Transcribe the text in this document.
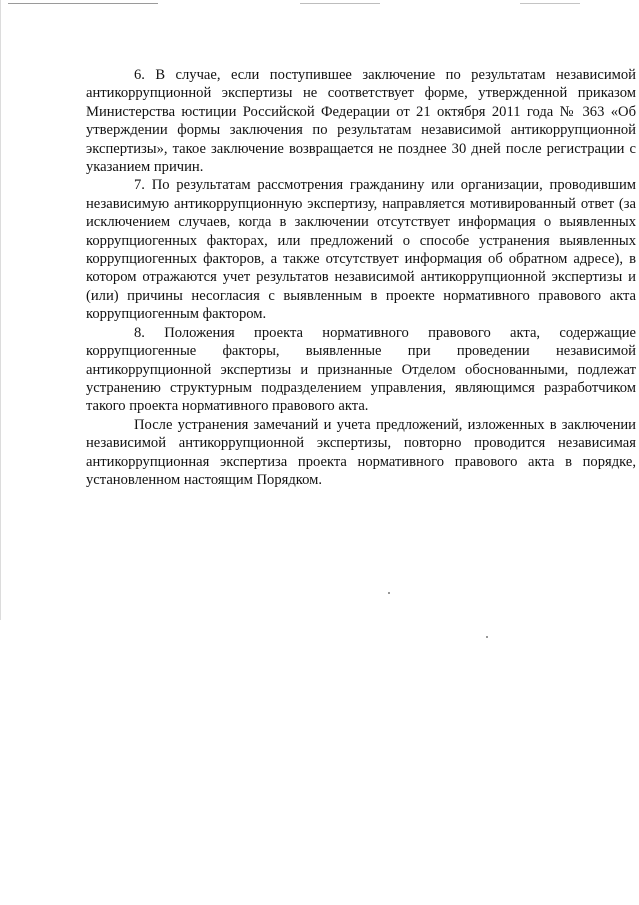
6. В случае, если поступившее заключение по результатам независимой антикоррупционной экспертизы не соответствует форме, утвержденной приказом Министерства юстиции Российской Федерации от 21 октября 2011 года № 363 «Об утверждении формы заключения по результатам независимой антикоррупционной экспертизы», такое заключение возвращается не позднее 30 дней после регистрации с указанием причин.

7. По результатам рассмотрения гражданину или организации, проводившим независимую антикоррупционную экспертизу, направляется мотивированный ответ (за исключением случаев, когда в заключении отсутствует информация о выявленных коррупциогенных факторах, или предложений о способе устранения выявленных коррупциогенных факторов, а также отсутствует информация об обратном адресе), в котором отражаются учет результатов независимой антикоррупционной экспертизы и (или) причины несогласия с выявленным в проекте нормативного правового акта коррупциогенным фактором.

8. Положения проекта нормативного правового акта, содержащие коррупциогенные факторы, выявленные при проведении независимой антикоррупционной экспертизы и признанные Отделом обоснованными, подлежат устранению структурным подразделением управления, являющимся разработчиком такого проекта нормативного правового акта.

После устранения замечаний и учета предложений, изложенных в заключении независимой антикоррупционной экспертизы, повторно проводится независимая антикоррупционная экспертиза проекта нормативного правового акта в порядке, установленном настоящим Порядком.
